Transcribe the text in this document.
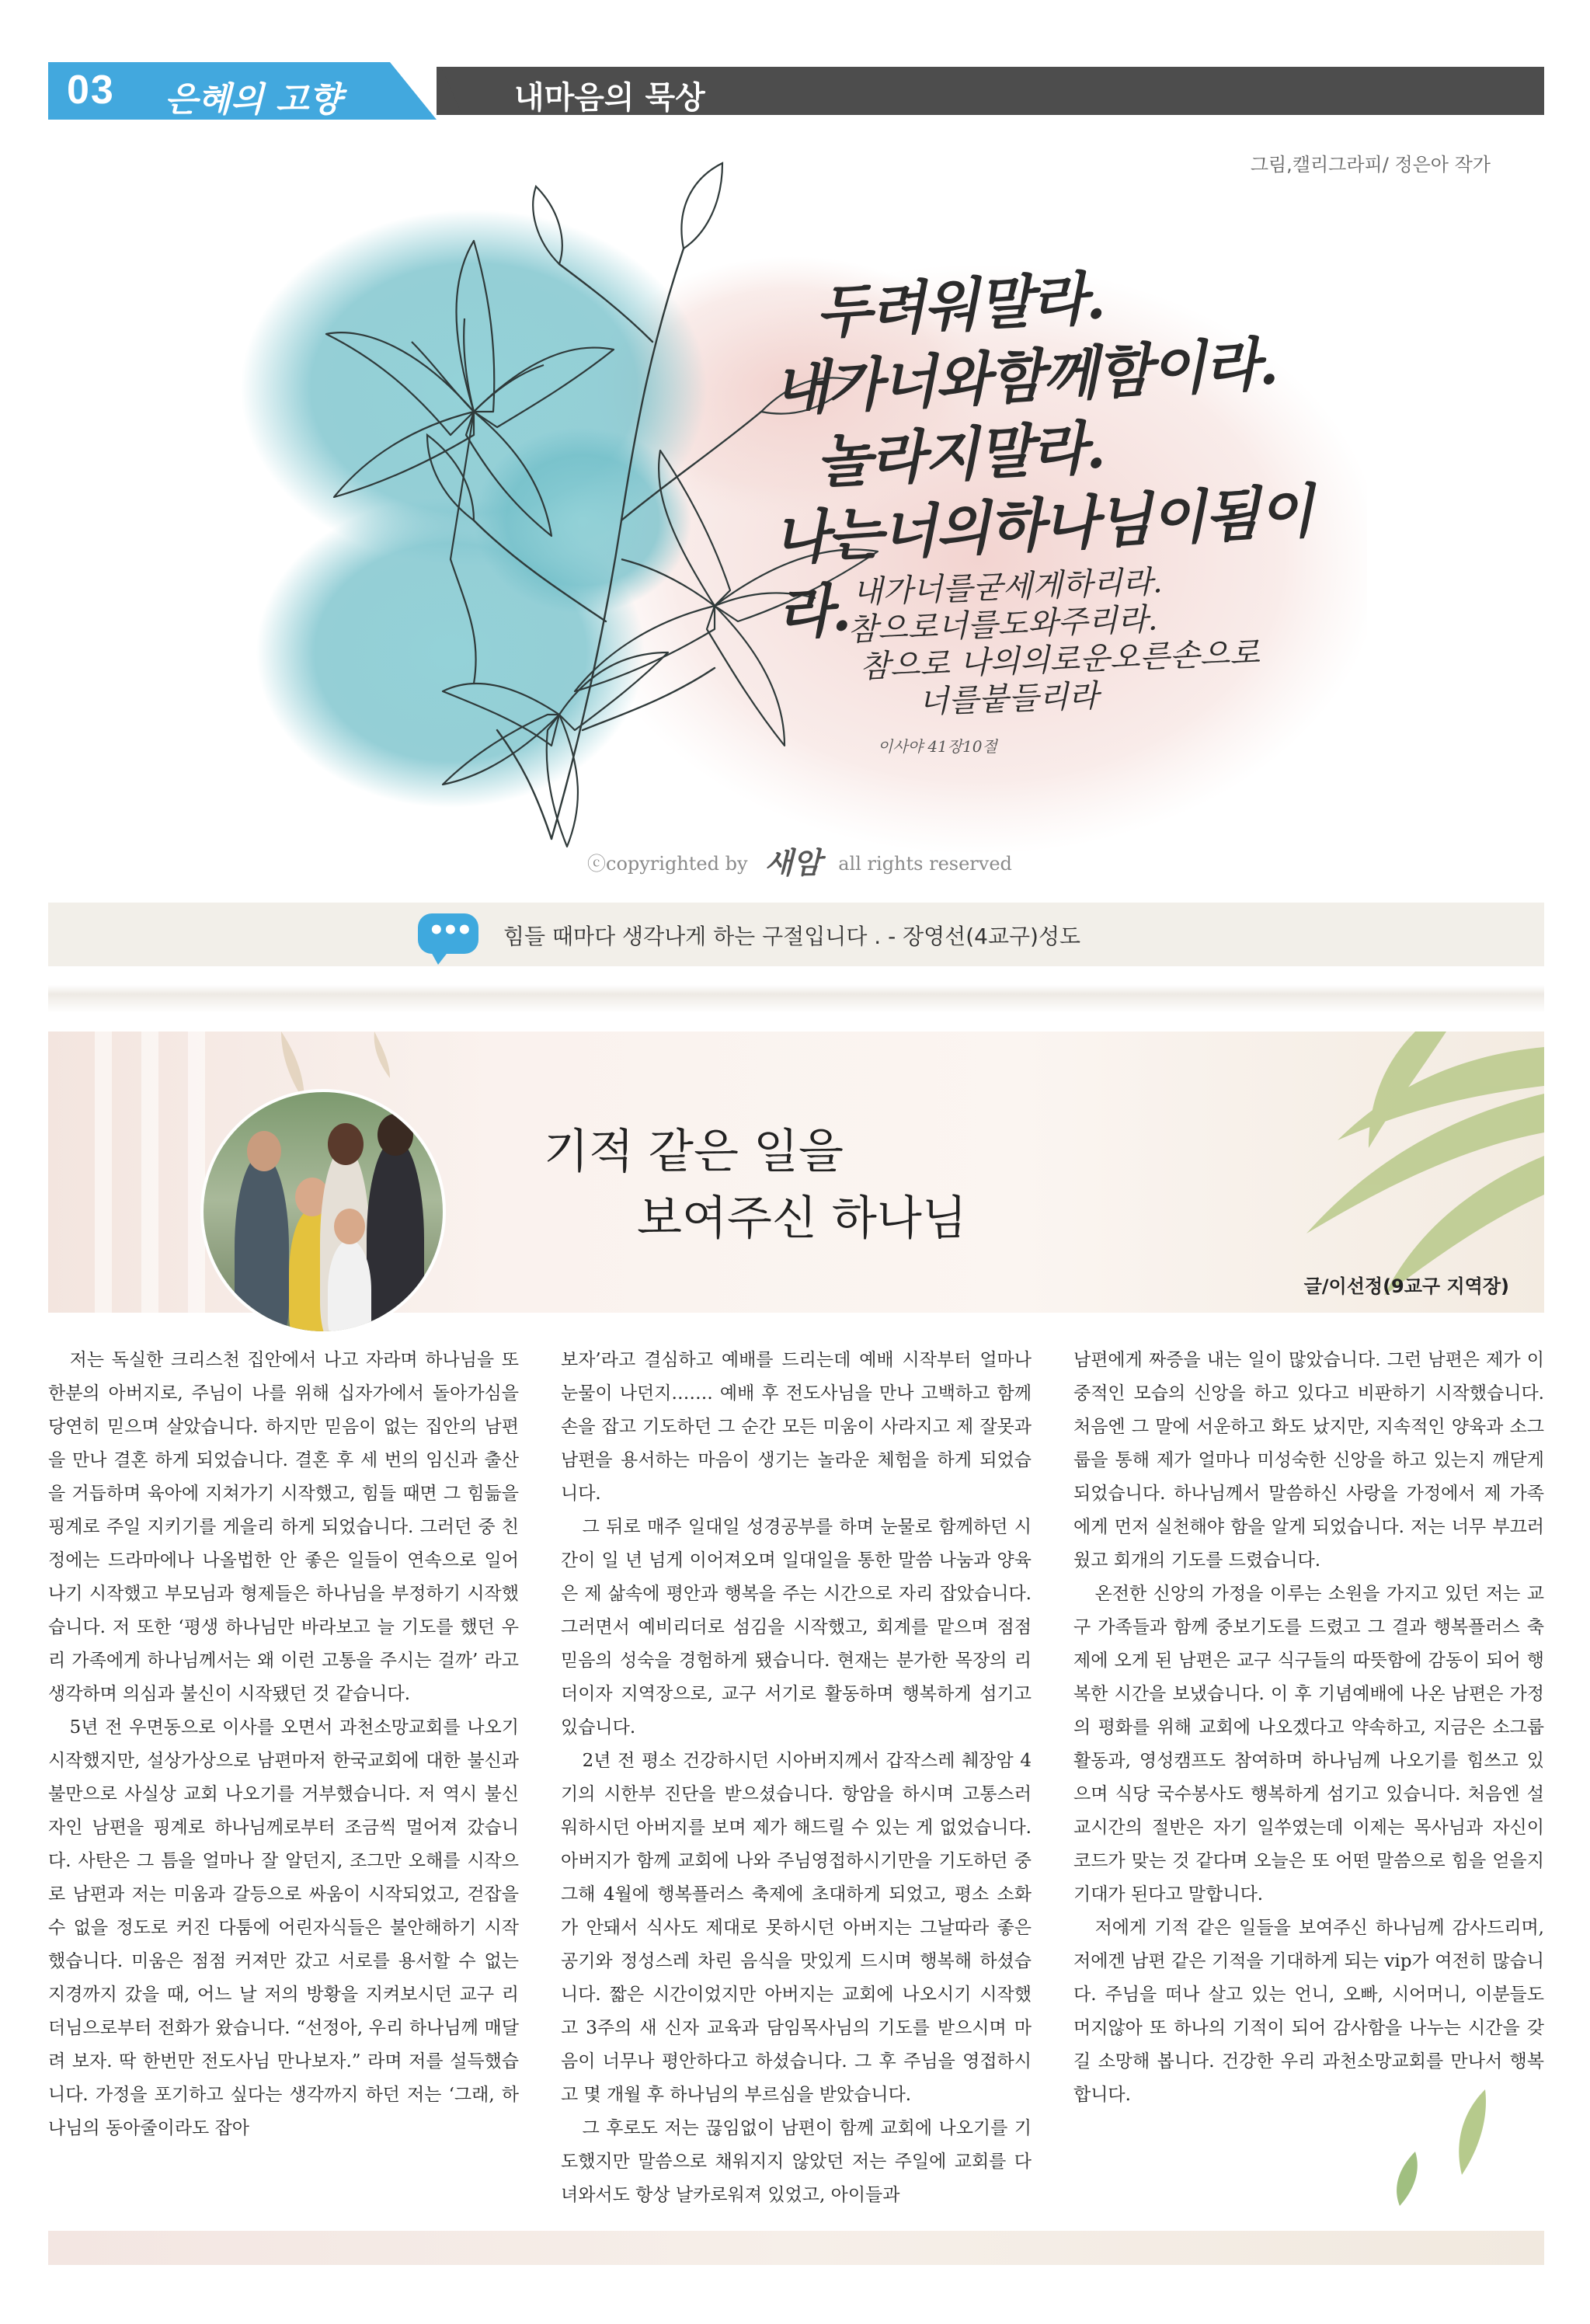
03 은혜의 고향	내마음의 묵상
그림,캘리그라피/ 정은아 작가
두려워말라.
내가너와함께함이라.
놀라지말라.
나는너의하나님이됨이라. 내가너를굳세게하리라.
참으로너를도와주리라.
참으로 나의의로운오른손으로
너를붙들리라
이사야 41장10절
ⓒcopyrighted by 새암 all rights reserved
•
•
• 힘들 때마다 생각나게 하는 구절입니다 . - 장영선(4교구)성도
기적 같은 일을
보여주신 하나님
글/이선정(9교구 지역장)

저는 독실한 크리스천 집안에서 나고 자라며 하나님을 또 한분의 아버지로, 주님이 나를 위해 십자가에서 돌아가심을 당연히 믿으며 살았습니다. 하지만 믿음이 없는 집안의 남편을 만나 결혼 하게 되었습니다. 결혼 후 세 번의 임신과 출산을 거듭하며 육아에 지쳐가기 시작했고, 힘들 때면 그 힘듦을 핑계로 주일 지키기를 게을리 하게 되었습니다. 그러던 중 친정에는 드라마에나 나올법한 안 좋은 일들이 연속으로 일어나기 시작했고 부모님과 형제들은 하나님을 부정하기 시작했습니다. 저 또한 ‘평생 하나님만 바라보고 늘 기도를 했던 우리 가족에게 하나님께서는 왜 이런 고통을 주시는 걸까’ 라고 생각하며 의심과 불신이 시작됐던 것 같습니다.

5년 전 우면동으로 이사를 오면서 과천소망교회를 나오기 시작했지만, 설상가상으로 남편마저 한국교회에 대한 불신과 불만으로 사실상 교회 나오기를 거부했습니다. 저 역시 불신자인 남편을 핑계로 하나님께로부터 조금씩 멀어져 갔습니다. 사탄은 그 틈을 얼마나 잘 알던지, 조그만 오해를 시작으로 남편과 저는 미움과 갈등으로 싸움이 시작되었고, 걷잡을 수 없을 정도로 커진 다툼에 어린자식들은 불안해하기 시작했습니다. 미움은 점점 커져만 갔고 서로를 용서할 수 없는 지경까지 갔을 때, 어느 날 저의 방황을 지켜보시던 교구 리더님으로부터 전화가 왔습니다. “선정아, 우리 하나님께 매달려 보자. 딱 한번만 전도사님 만나보자.” 라며 저를 설득했습니다. 가정을 포기하고 싶다는 생각까지 하던 저는 ‘그래, 하나님의 동아줄이라도 잡아

보자’라고 결심하고 예배를 드리는데 예배 시작부터 얼마나 눈물이 나던지……. 예배 후 전도사님을 만나 고백하고 함께 손을 잡고 기도하던 그 순간 모든 미움이 사라지고 제 잘못과 남편을 용서하는 마음이 생기는 놀라운 체험을 하게 되었습니다.

그 뒤로 매주 일대일 성경공부를 하며 눈물로 함께하던 시간이 일 년 넘게 이어져오며 일대일을 통한 말씀 나눔과 양육은 제 삶속에 평안과 행복을 주는 시간으로 자리 잡았습니다. 그러면서 예비리더로 섬김을 시작했고, 회계를 맡으며 점점 믿음의 성숙을 경험하게 됐습니다. 현재는 분가한 목장의 리더이자 지역장으로, 교구 서기로 활동하며 행복하게 섬기고 있습니다.

2년 전 평소 건강하시던 시아버지께서 갑작스레 췌장암 4기의 시한부 진단을 받으셨습니다. 항암을 하시며 고통스러워하시던 아버지를 보며 제가 해드릴 수 있는 게 없었습니다. 아버지가 함께 교회에 나와 주님영접하시기만을 기도하던 중 그해 4월에 행복플러스 축제에 초대하게 되었고, 평소 소화가 안돼서 식사도 제대로 못하시던 아버지는 그날따라 좋은 공기와 정성스레 차린 음식을 맛있게 드시며 행복해 하셨습니다. 짧은 시간이었지만 아버지는 교회에 나오시기 시작했고 3주의 새 신자 교육과 담임목사님의 기도를 받으시며 마음이 너무나 평안하다고 하셨습니다. 그 후 주님을 영접하시고 몇 개월 후 하나님의 부르심을 받았습니다.

그 후로도 저는 끊임없이 남편이 함께 교회에 나오기를 기도했지만 말씀으로 채워지지 않았던 저는 주일에 교회를 다녀와서도 항상 날카로워져 있었고, 아이들과

남편에게 짜증을 내는 일이 많았습니다. 그런 남편은 제가 이중적인 모습의 신앙을 하고 있다고 비판하기 시작했습니다. 처음엔 그 말에 서운하고 화도 났지만, 지속적인 양육과 소그룹을 통해 제가 얼마나 미성숙한 신앙을 하고 있는지 깨닫게 되었습니다. 하나님께서 말씀하신 사랑을 가정에서 제 가족에게 먼저 실천해야 함을 알게 되었습니다. 저는 너무 부끄러웠고 회개의 기도를 드렸습니다.

온전한 신앙의 가정을 이루는 소원을 가지고 있던 저는 교구 가족들과 함께 중보기도를 드렸고 그 결과 행복플러스 축제에 오게 된 남편은 교구 식구들의 따뜻함에 감동이 되어 행복한 시간을 보냈습니다. 이 후 기념예배에 나온 남편은 가정의 평화를 위해 교회에 나오겠다고 약속하고, 지금은 소그룹활동과, 영성캠프도 참여하며 하나님께 나오기를 힘쓰고 있으며 식당 국수봉사도 행복하게 섬기고 있습니다. 처음엔 설교시간의 절반은 자기 일쑤였는데 이제는 목사님과 자신이 코드가 맞는 것 같다며 오늘은 또 어떤 말씀으로 힘을 얻을지 기대가 된다고 말합니다.

저에게 기적 같은 일들을 보여주신 하나님께 감사드리며, 저에겐 남편 같은 기적을 기대하게 되는 vip가 여전히 많습니다. 주님을 떠나 살고 있는 언니, 오빠, 시어머니, 이분들도 머지않아 또 하나의 기적이 되어 감사함을 나누는 시간을 갖길 소망해 봅니다. 건강한 우리 과천소망교회를 만나서 행복합니다.
